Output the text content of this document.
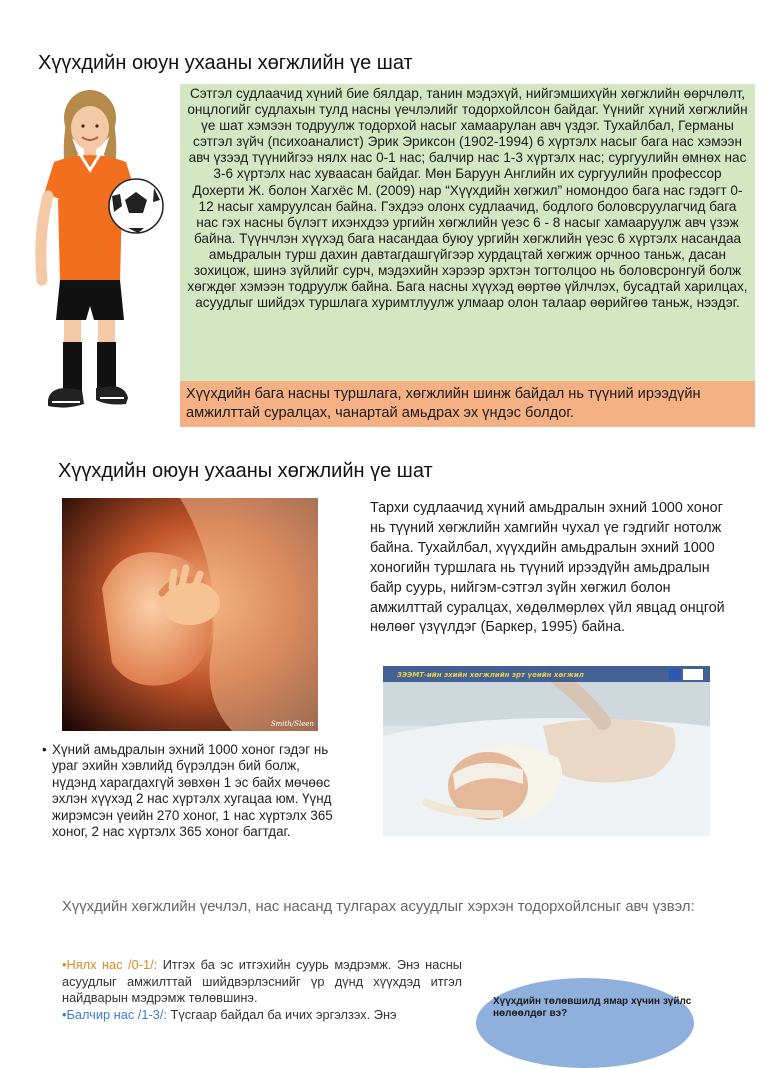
Хүүхдийн оюун ухааны хөгжлийн үе шат

Сэтгэл судлаачид хүний бие бялдар, танин мэдэхүй, нийгэмшихүйн хөгжлийн өөрчлөлт, онцлогийг судлахын тулд насны үечлэлийг тодорхойлсон байдаг. Үүнийг хүний хөгжлийн үе шат хэмээн тодруулж тодорхой насыг хамаарулан авч үздэг. Тухайлбал, Германы сэтгэл зүйч (психоаналист) Эрик Эриксон (1902-1994) 6 хүртэлх насыг бага нас хэмээн авч үзээд түүнийгээ нялх нас 0-1 нас; балчир нас 1-3 хүртэлх нас; сургуулийн өмнөх нас 3-6 хүртэлх нас хуваасан байдаг. Мөн Баруун Английн их сургуулийн профессор Дохерти Ж. болон Хагхёс М. (2009) нар “Хүүхдийн хөгжил” номондоо бага нас гэдэгт 0-12 насыг хамруулсан байна. Гэхдээ олонх судлаачид, бодлого боловсруулагчид бага нас гэх насны бүлэгт ихэнхдээ ургийн хөгжлийн үеэс 6 - 8 насыг хамааруулж авч үзэж байна. Түүнчлэн хүүхэд бага насандаа буюу ургийн хөгжлийн үеэс 6 хүртэлх насандаа амьдралын турш дахин давтагдашгүйгээр хурдацтай хөгжиж орчноо таньж, дасан зохицож, шинэ зүйлийг сурч, мэдэхийн хэрээр эрхтэн тогтолцоо нь боловсронгуй болж хөгждөг хэмээн тодруулж байна. Бага насны хүүхэд өөртөө үйлчлэх, бусадтай харилцах, асуудлыг шийдэх туршлага хуримтлуулж улмаар олон талаар өөрийгөө таньж, нээдэг.

Хүүхдийн бага насны туршлага, хөгжлийн шинж байдал нь түүний ирээдүйн амжилттай суралцах, чанартай амьдрах эх үндэс болдог.

Хүүхдийн оюун ухааны хөгжлийн үе шат
Smith/Sleen

Тархи судлаачид хүний амьдралын эхний 1000 хоног нь түүний хөгжлийн хамгийн чухал үе гэдгийг нотолж байна. Тухайлбал, хүүхдийн амьдралын эхний 1000 хоногийн туршлага нь түүний ирээдүйн амьдралын байр суурь, нийгэм-сэтгэл зүйн хөгжил болон амжилттай суралцах, хөдөлмөрлөх үйл явцад онцгой нөлөөг үзүүлдэг (Баркер, 1995) байна.

ЗЭЭМТ-ийн эхийн хөгжлийн эрт үеийн хөгжил
• Хүний амьдралын эхний 1000 хоног гэдэг нь ураг эхийн хэвлийд бүрэлдэн бий болж, нүдэнд харагдахгүй зөвхөн 1 эс байх мөчөөс эхлэн хүүхэд 2 нас хүртэлх хугацаа юм. Үүнд жирэмсэн үеийн 270 хоног, 1 нас хүртэлх 365 хоног, 2 нас хүртэлх 365 хоног багтдаг.

Хүүхдийн хөгжлийн үечлэл, нас насанд тулгарах асуудлыг хэрхэн тодорхойлсныг авч үзвэл:

•Нялх нас /0-1/: Итгэх ба эс итгэхийн суурь мэдрэмж. Энэ насны асуудлыг амжилттай шийдвэрлэснийг үр дүнд хүүхдэд итгэл найдварын мэдрэмж төлөвшинэ.

•Балчир нас /1-3/: Түсгаар байдал ба ичих эргэлзэх. Энэ

Хүүхдийн төлөвшилд ямар хүчин зүйлс нөлөөлдөг вэ?
